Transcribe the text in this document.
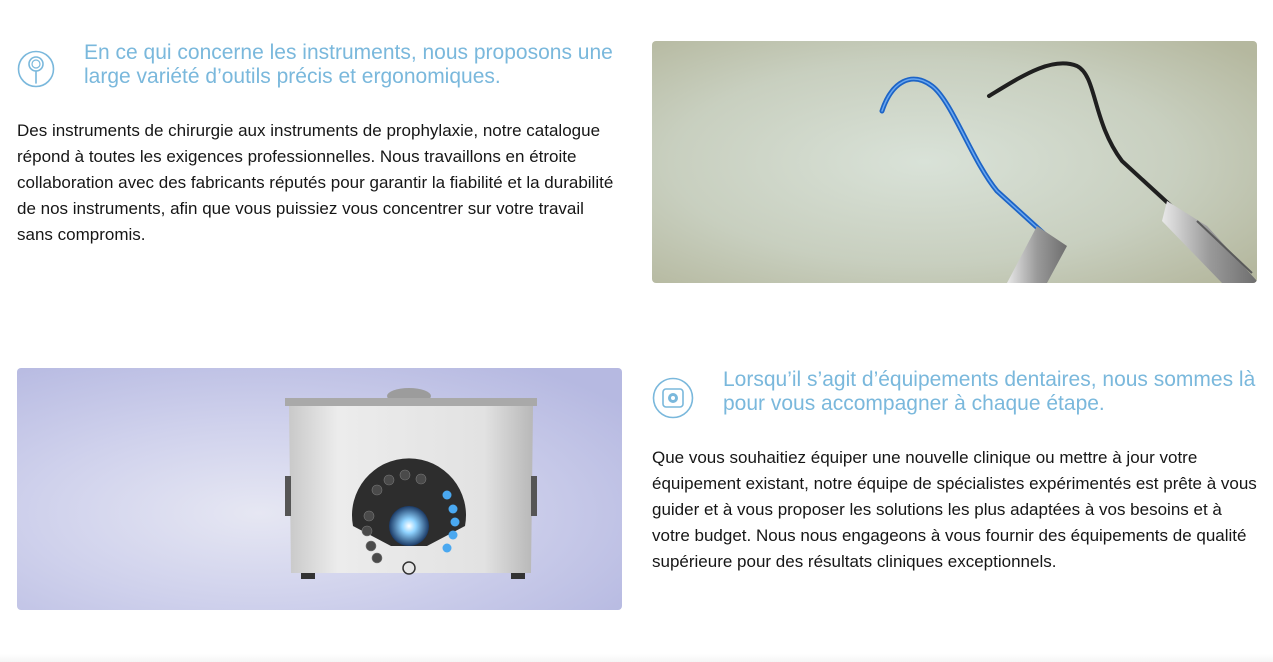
En ce qui concerne les instruments, nous proposons une large variété d’outils précis et ergonomiques.

Des instruments de chirurgie aux instruments de prophylaxie, notre catalogue répond à toutes les exigences professionnelles. Nous travaillons en étroite collaboration avec des fabricants réputés pour garantir la fiabilité et la durabilité de nos instruments, afin que vous puissiez vous concentrer sur votre travail sans compromis.

Lorsqu’il s’agit d’équipements dentaires, nous sommes là pour vous accompagner à chaque étape.

Que vous souhaitiez équiper une nouvelle clinique ou mettre à jour votre équipement existant, notre équipe de spécialistes expérimentés est prête à vous guider et à vous proposer les solutions les plus adaptées à vos besoins et à votre budget. Nous nous engageons à vous fournir des équipements de qualité supérieure pour des résultats cliniques exceptionnels.
